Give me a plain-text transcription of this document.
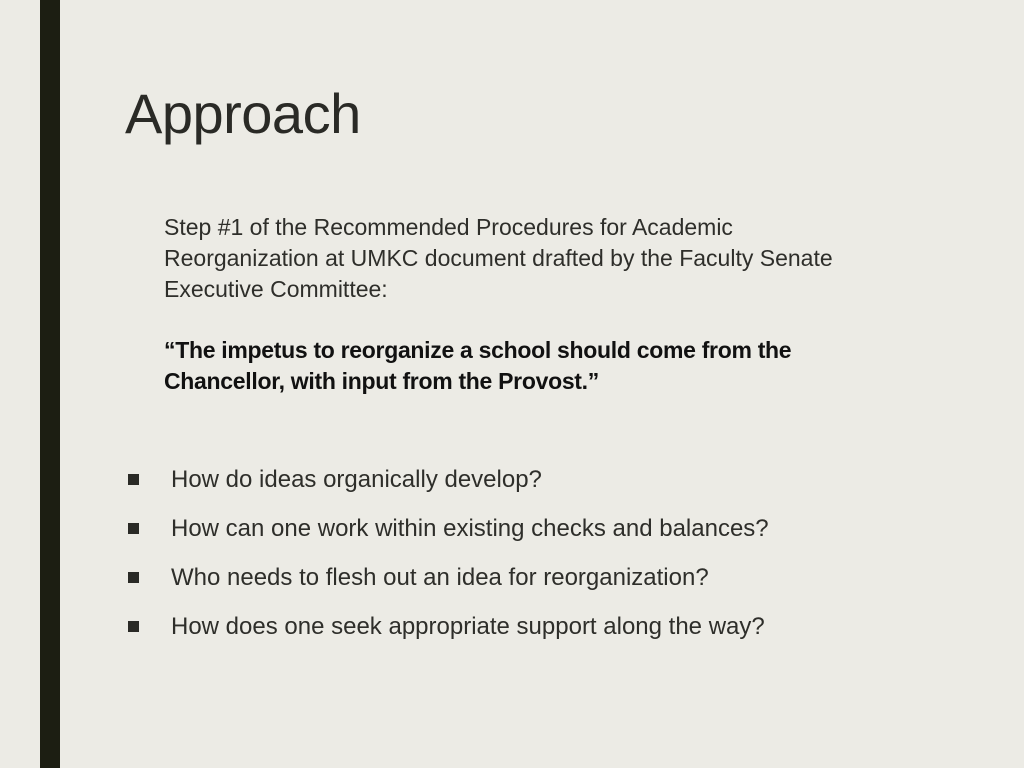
Approach

Step #1 of the Recommended Procedures for Academic Reorganization at UMKC document drafted by the Faculty Senate Executive Committee:

“The impetus to reorganize a school should come from the Chancellor, with input from the Provost.”

How do ideas organically develop?
How can one work within existing checks and balances?
Who needs to flesh out an idea for reorganization?
How does one seek appropriate support along the way?
